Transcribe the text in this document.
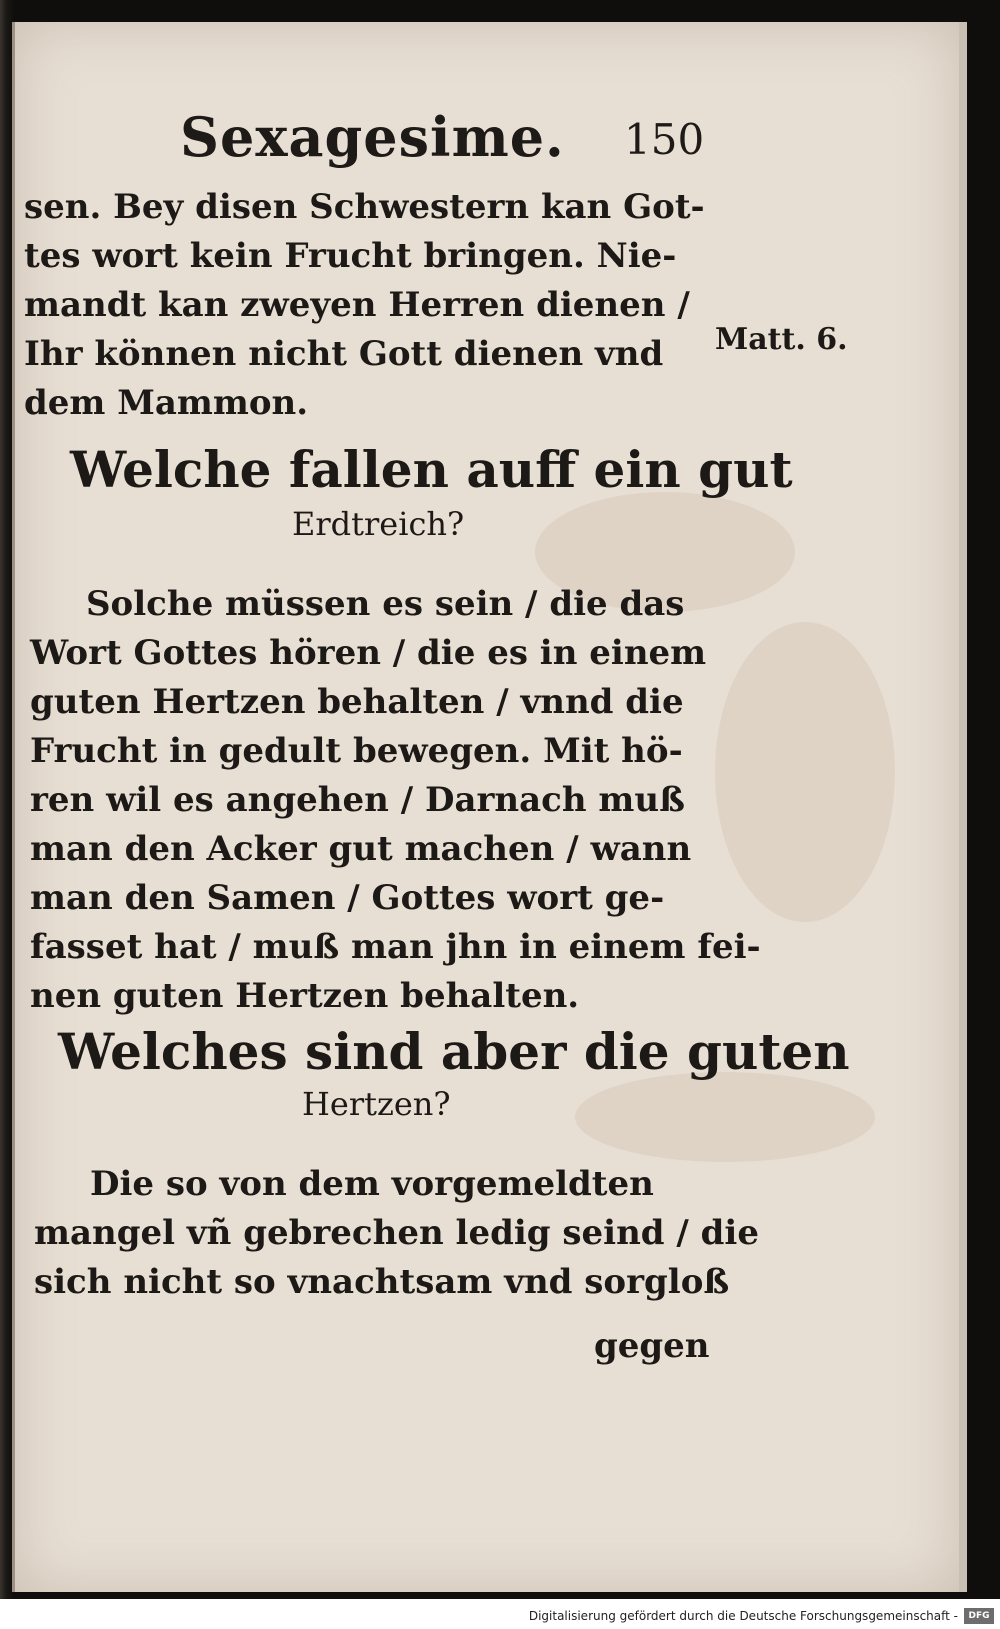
Sexagesime. 150
sen. Bey disen Schwestern kan Got-
tes wort kein Frucht bringen. Nie-
mandt kan zweyen Herren dienen /
Ihr können nicht Gott dienen vnd
dem Mammon.
Matt. 6.
Welche fallen auff ein gut
Erdtreich?
Solche müssen es sein / die das
Wort Gottes hören / die es in einem
guten Hertzen behalten / vnnd die
Frucht in gedult bewegen. Mit hö-
ren wil es angehen / Darnach muß
man den Acker gut machen / wann
man den Samen / Gottes wort ge-
fasset hat / muß man jhn in einem fei-
nen guten Hertzen behalten.
Welches sind aber die guten
Hertzen?
Die so von dem vorgemeldten
mangel vñ gebrechen ledig seind / die
sich nicht so vnachtsam vnd sorgloß
gegen
Digitalisierung gefördert durch die Deutsche Forschungsgemeinschaft -	DFG
